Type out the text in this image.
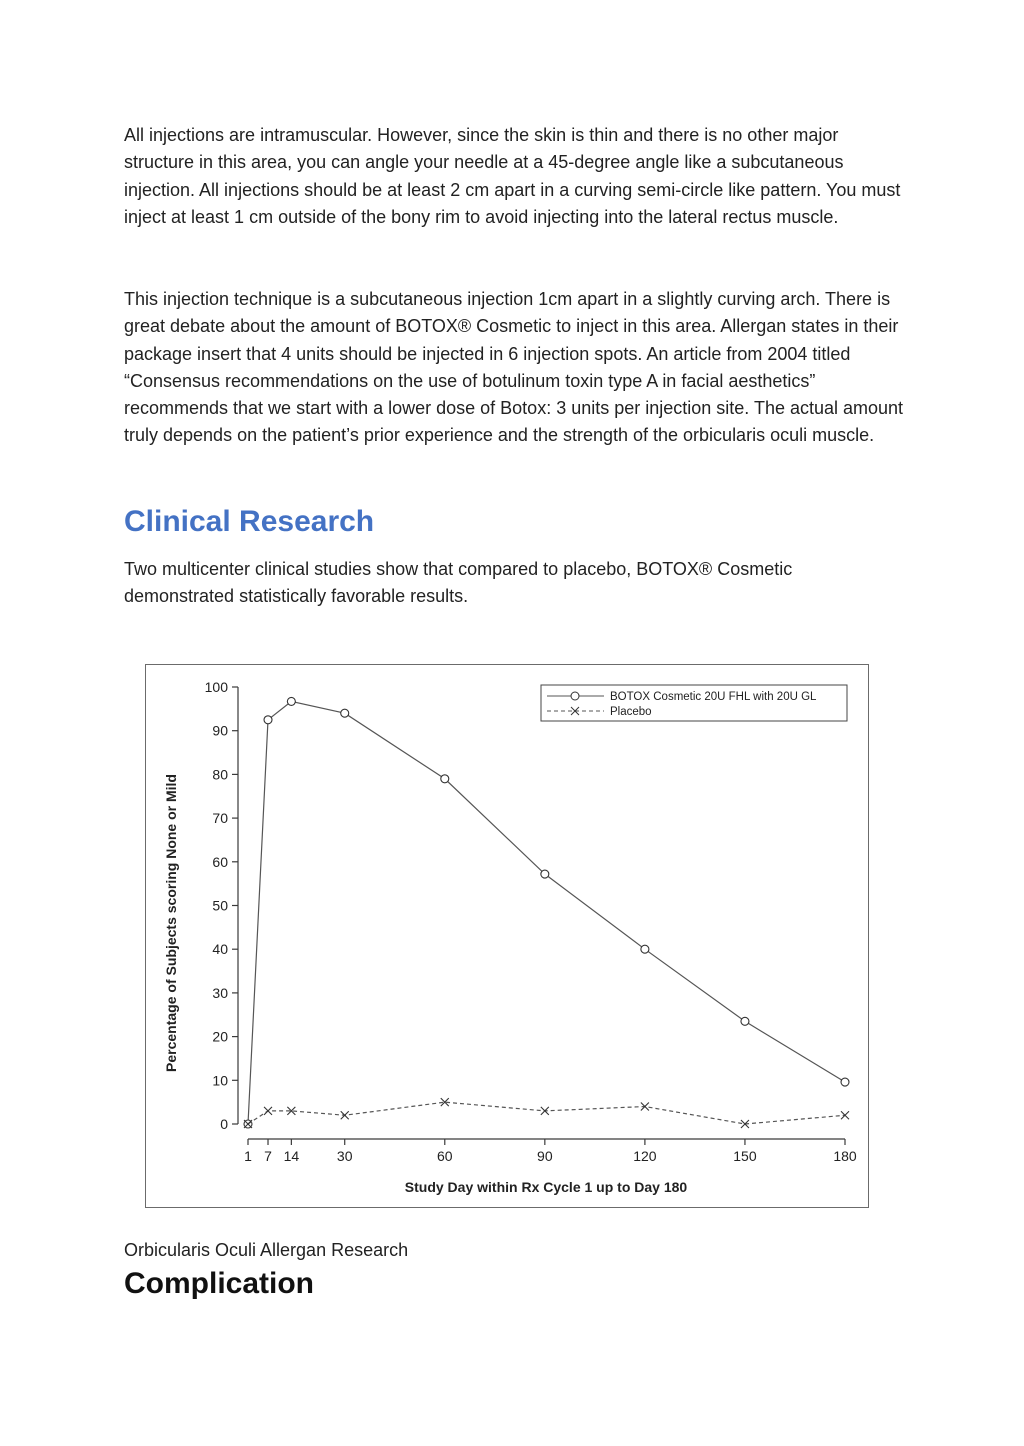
All injections are intramuscular. However, since the skin is thin and there is no other major structure in this area, you can angle your needle at a 45-degree angle like a subcutaneous injection. All injections should be at least 2 cm apart in a curving semi-circle like pattern. You must inject at least 1 cm outside of the bony rim to avoid injecting into the lateral rectus muscle.

This injection technique is a subcutaneous injection 1cm apart in a slightly curving arch. There is great debate about the amount of BOTOX® Cosmetic to inject in this area. Allergan states in their package insert that 4 units should be injected in 6 injection spots. An article from 2004 titled “Consensus recommendations on the use of botulinum toxin type A in facial aesthetics” recommends that we start with a lower dose of Botox: 3 units per injection site. The actual amount truly depends on the patient’s prior experience and the strength of the orbicularis oculi muscle.

Clinical Research

Two multicenter clinical studies show that compared to placebo, BOTOX® Cosmetic demonstrated statistically favorable results.

0
10
20
30
40
50
60
70
80
90
100
1 7 14	30	60	90	120	150	180
BOTOX Cosmetic 20U FHL with 20U GL
Placebo
Percentage of Subjects scoring None or Mild
Study Day within Rx Cycle 1 up to Day 180

Orbicularis Oculi Allergan Research

Complication
